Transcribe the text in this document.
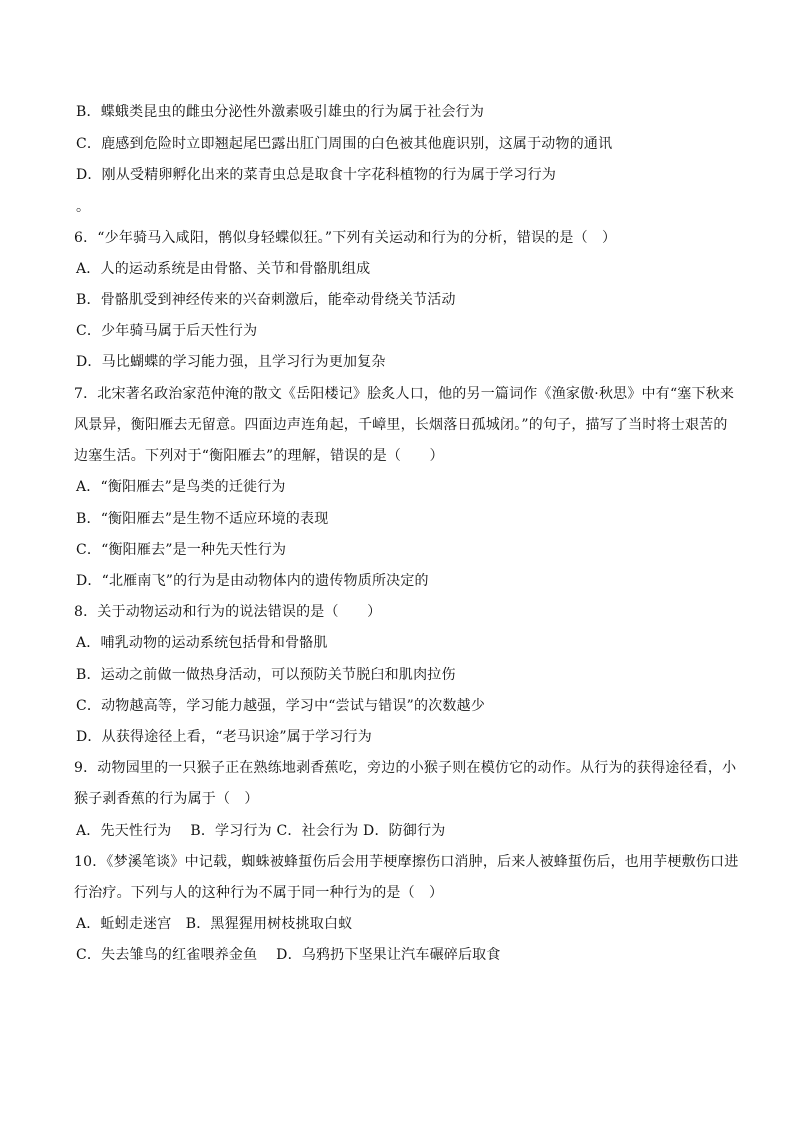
B．蝶蛾类昆虫的雌虫分泌性外激素吸引雄虫的行为属于社会行为
C．鹿感到危险时立即翘起尾巴露出肛门周围的白色被其他鹿识别，这属于动物的通讯
D．刚从受精卵孵化出来的菜青虫总是取食十字花科植物的行为属于学习行为
。
6．“少年骑马入咸阳，鹘似身轻蝶似狂。”下列有关运动和行为的分析，错误的是（　）
A．人的运动系统是由骨骼、关节和骨骼肌组成
B．骨骼肌受到神经传来的兴奋刺激后，能牵动骨绕关节活动
C．少年骑马属于后天性行为
D．马比蝴蝶的学习能力强，且学习行为更加复杂
7．北宋著名政治家范仲淹的散文《岳阳楼记》脍炙人口，他的另一篇词作《渔家傲·秋思》中有“塞下秋来
风景异，衡阳雁去无留意。四面边声连角起，千嶂里，长烟落日孤城闭。”的句子，描写了当时将士艰苦的
边塞生活。下列对于“衡阳雁去”的理解，错误的是（　　）
A．“衡阳雁去”是鸟类的迁徙行为
B．“衡阳雁去”是生物不适应环境的表现
C．“衡阳雁去”是一种先天性行为
D．“北雁南飞”的行为是由动物体内的遗传物质所决定的
8．关于动物运动和行为的说法错误的是（　　）
A．哺乳动物的运动系统包括骨和骨骼肌
B．运动之前做一做热身活动，可以预防关节脱臼和肌肉拉伤
C．动物越高等，学习能力越强，学习中“尝试与错误”的次数越少
D．从获得途径上看，“老马识途”属于学习行为
9．动物园里的一只猴子正在熟练地剥香蕉吃，旁边的小猴子则在模仿它的动作。从行为的获得途径看，小
猴子剥香蕉的行为属于（　）
A．先天性行为　 B．学习行为 C．社会行为 D．防御行为
10．《梦溪笔谈》中记载，蜘蛛被蜂蜇伤后会用芋梗摩擦伤口消肿，后来人被蜂蜇伤后，也用芋梗敷伤口进
行治疗。下列与人的这种行为不属于同一种行为的是（　）
A．蚯蚓走迷宫　B．黑猩猩用树枝挑取白蚁
C．失去雏鸟的红雀喂养金鱼　 D．乌鸦扔下坚果让汽车碾碎后取食
